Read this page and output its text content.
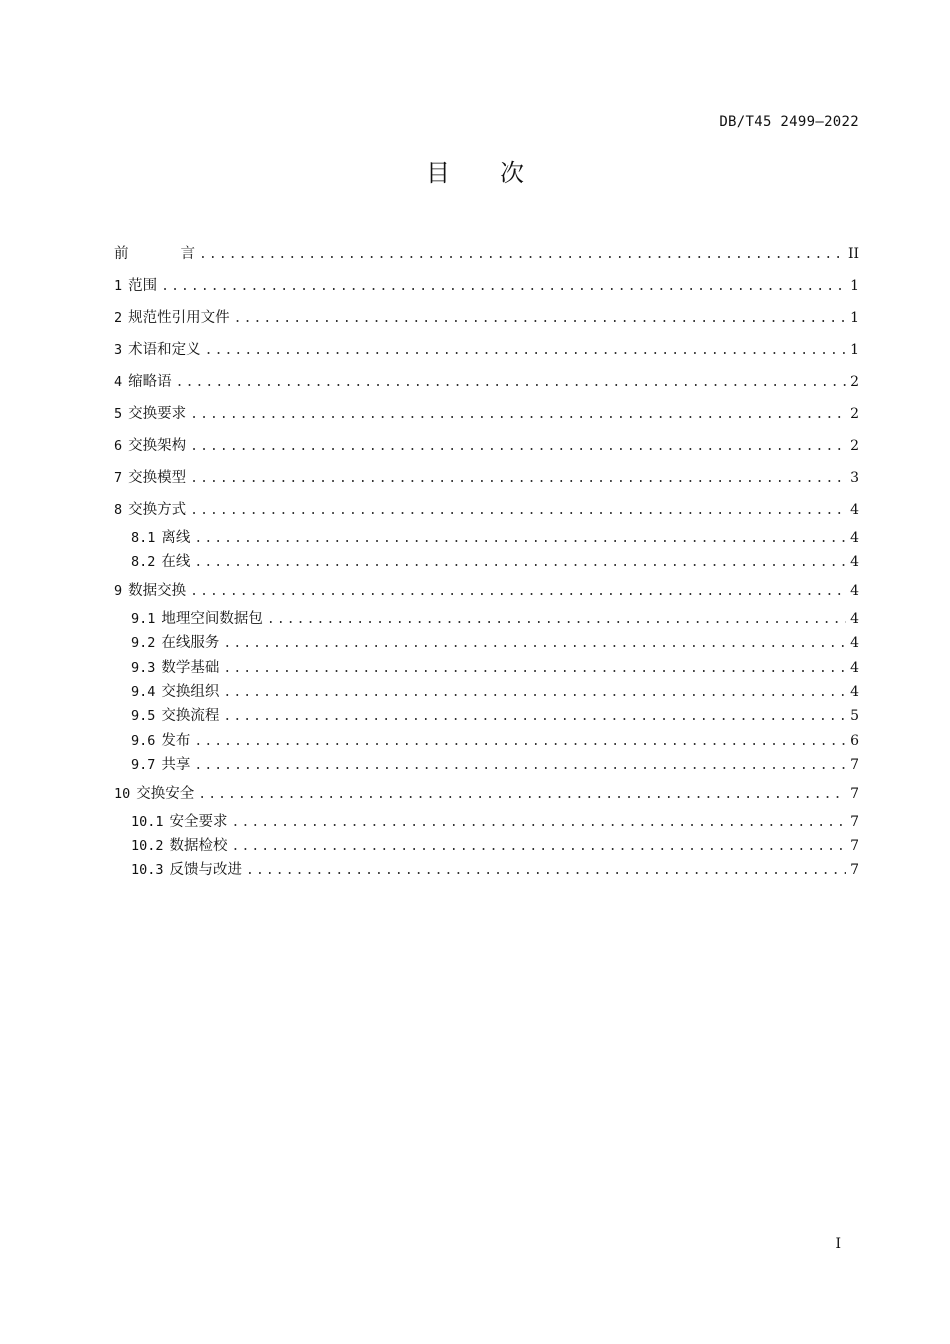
DB/T45 2499—2022
目 次
前	言 .....	II
1 范围 .....	1
2 规范性引用文件 .....	1
3 术语和定义 .....	1
4 缩略语 .....	2
5 交换要求 .....	2
6 交换架构 .....	2
7 交换模型 .....	3
8 交换方式 .....	4
8.1 离线 .....	4
8.2 在线 .....	4
9 数据交换 .....	4
9.1 地理空间数据包 .....	4
9.2 在线服务 .....	4
9.3 数学基础 .....	4
9.4 交换组织 .....	4
9.5 交换流程 .....	5
9.6 发布 .....	6
9.7 共享 .....	7
10 交换安全 .....	7
10.1 安全要求 .....	7
10.2 数据检校 .....	7
10.3 反馈与改进 .....	7
I
